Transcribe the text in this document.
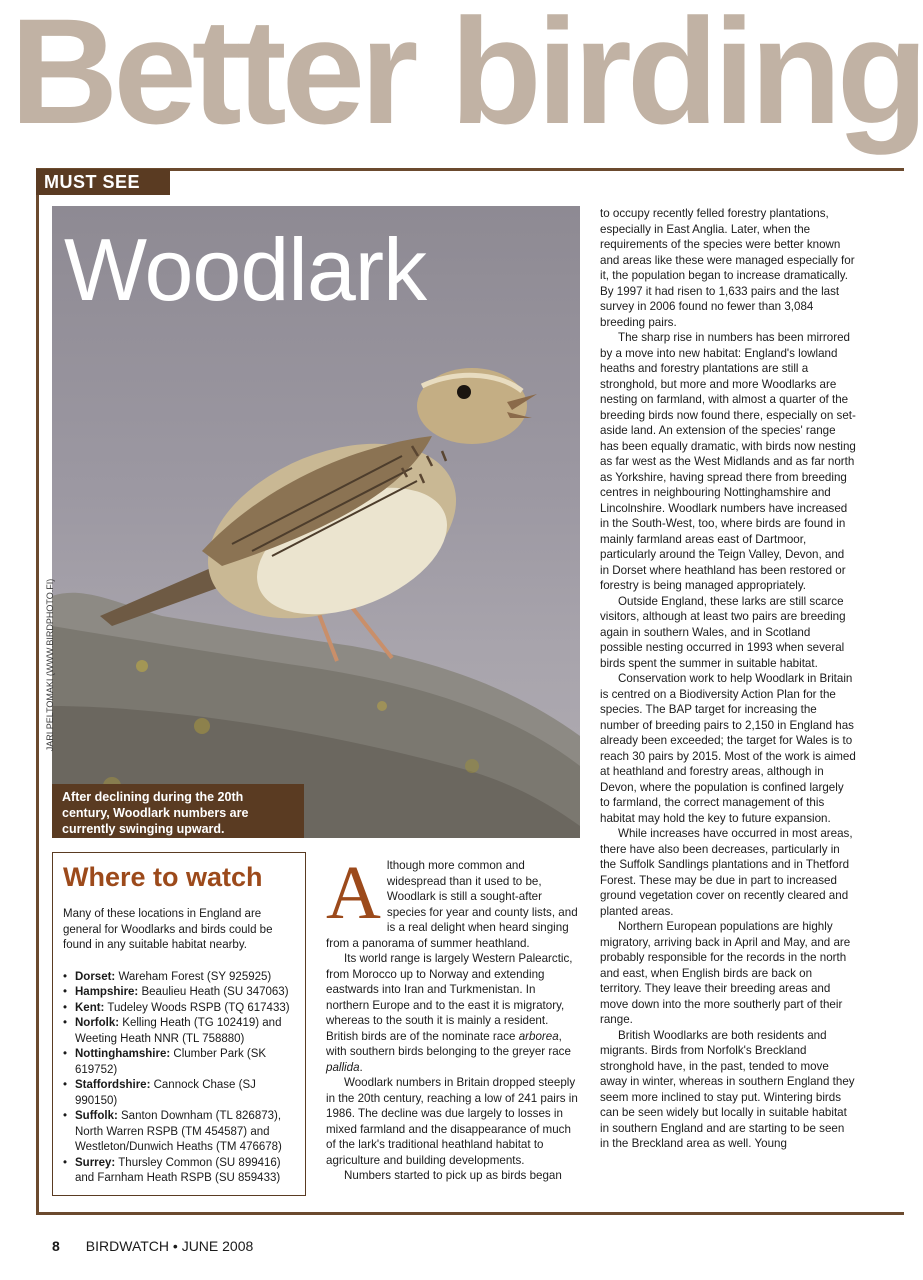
Better birding
MUST SEE
Woodlark
JARI PELTOMAKI (WWW.BIRDPHOTO.FI)
After declining during the 20th century, Woodlark numbers are currently swinging upward.
Where to watch
Many of these locations in England are general for Woodlarks and birds could be found in any suitable habitat nearby.
• Dorset: Wareham Forest (SY 925925)
• Hampshire: Beaulieu Heath (SU 347063)
• Kent: Tudeley Woods RSPB (TQ 617433)
• Norfolk: Kelling Heath (TG 102419) and Weeting Heath NNR (TL 758880)
• Nottinghamshire: Clumber Park (SK 619752)
• Staffordshire: Cannock Chase (SJ 990150)
• Suffolk: Santon Downham (TL 826873), North Warren RSPB (TM 454587) and Westleton/Dunwich Heaths (TM 476678)
• Surrey: Thursley Common (SU 899416) and Farnham Heath RSPB (SU 859433)

Although more common and widespread than it used to be, Woodlark is still a sought-after species for year and county lists, and is a real delight when heard singing from a panorama of summer heathland.

Its world range is largely Western Palearctic, from Morocco up to Norway and extending eastwards into Iran and Turkmenistan. In northern Europe and to the east it is migratory, whereas to the south it is mainly a resident. British birds are of the nominate race arborea, with southern birds belonging to the greyer race pallida.

Woodlark numbers in Britain dropped steeply in the 20th century, reaching a low of 241 pairs in 1986. The decline was due largely to losses in mixed farmland and the disappearance of much of the lark's traditional heathland habitat to agriculture and building developments.

Numbers started to pick up as birds began

to occupy recently felled forestry plantations, especially in East Anglia. Later, when the requirements of the species were better known and areas like these were managed especially for it, the population began to increase dramatically. By 1997 it had risen to 1,633 pairs and the last survey in 2006 found no fewer than 3,084 breeding pairs.

The sharp rise in numbers has been mirrored by a move into new habitat: England's lowland heaths and forestry plantations are still a stronghold, but more and more Woodlarks are nesting on farmland, with almost a quarter of the breeding birds now found there, especially on set-aside land. An extension of the species' range has been equally dramatic, with birds now nesting as far west as the West Midlands and as far north as Yorkshire, having spread there from breeding centres in neighbouring Nottinghamshire and Lincolnshire. Woodlark numbers have increased in the South-West, too, where birds are found in mainly farmland areas east of Dartmoor, particularly around the Teign Valley, Devon, and in Dorset where heathland has been restored or forestry is being managed appropriately.

Outside England, these larks are still scarce visitors, although at least two pairs are breeding again in southern Wales, and in Scotland possible nesting occurred in 1993 when several birds spent the summer in suitable habitat.

Conservation work to help Woodlark in Britain is centred on a Biodiversity Action Plan for the species. The BAP target for increasing the number of breeding pairs to 2,150 in England has already been exceeded; the target for Wales is to reach 30 pairs by 2015. Most of the work is aimed at heathland and forestry areas, although in Devon, where the population is confined largely to farmland, the correct management of this habitat may hold the key to future expansion.

While increases have occurred in most areas, there have also been decreases, particularly in the Suffolk Sandlings plantations and in Thetford Forest. These may be due in part to increased ground vegetation cover on recently cleared and planted areas.

Northern European populations are highly migratory, arriving back in April and May, and are probably responsible for the records in the north and east, when English birds are back on territory. They leave their breeding areas and move down into the more southerly part of their range.

British Woodlarks are both residents and migrants. Birds from Norfolk's Breckland stronghold have, in the past, tended to move away in winter, whereas in southern England they seem more inclined to stay put. Wintering birds can be seen widely but locally in suitable habitat in southern England and are starting to be seen in the Breckland area as well. Young

8 BIRDWATCH • JUNE 2008
